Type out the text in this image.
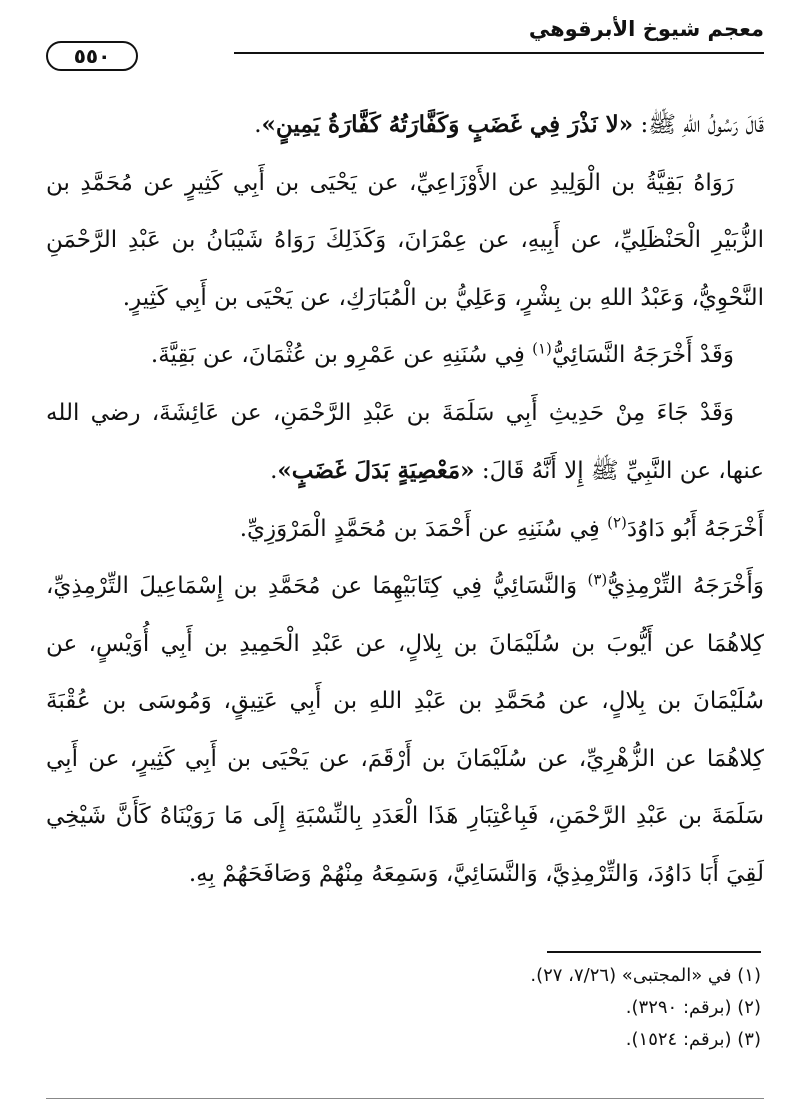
معجم شيوخ الأبرقوهي
٥٥٠

قَالَ رَسُولُ اللهِ ﷺ: «لا نَذْرَ فِي غَضَبٍ وَكَفَّارَتُهُ كَفَّارَةُ يَمِينٍ».

رَوَاهُ بَقِيَّةُ بن الْوَلِيدِ عن الأَوْزَاعِيِّ، عن يَحْيَى بن أَبِي كَثِيرٍ عن مُحَمَّدِ بن الزُّبَيْرِ الْحَنْظَلِيِّ، عن أَبِيهِ، عن عِمْرَانَ، وَكَذَلِكَ رَوَاهُ شَيْبَانُ بن عَبْدِ الرَّحْمَنِ النَّحْوِيُّ، وَعَبْدُ اللهِ بن بِشْرٍ، وَعَلِيُّ بن الْمُبَارَكِ، عن يَحْيَى بن أَبِي كَثِيرٍ.

وَقَدْ أَخْرَجَهُ النَّسَائِيُّ$^{(١)}$ فِي سُنَنِهِ عن عَمْرِو بن عُثْمَانَ، عن بَقِيَّةَ.

وَقَدْ جَاءَ مِنْ حَدِيثِ أَبِي سَلَمَةَ بن عَبْدِ الرَّحْمَنِ، عن عَائِشَةَ، رضي الله عنها، عن النَّبِيِّ ﷺ إِلا أَنَّهُ قَالَ: «مَعْصِيَةٍ بَدَلَ غَضَبٍ».

أَخْرَجَهُ أَبُو دَاوُدَ$^{(٢)}$ فِي سُنَنِهِ عن أَحْمَدَ بن مُحَمَّدٍ الْمَرْوَزِيِّ.

وَأَخْرَجَهُ التِّرْمِذِيُّ$^{(٣)}$ وَالنَّسَائِيُّ فِي كِتَابَيْهِمَا عن مُحَمَّدِ بن إِسْمَاعِيلَ التِّرْمِذِيِّ، كِلاهُمَا عن أَيُّوبَ بن سُلَيْمَانَ بن بِلالٍ، عن عَبْدِ الْحَمِيدِ بن أَبِي أُوَيْسٍ، عن سُلَيْمَانَ بن بِلالٍ، عن مُحَمَّدِ بن عَبْدِ اللهِ بن أَبِي عَتِيقٍ، وَمُوسَى بن عُقْبَةَ كِلاهُمَا عن الزُّهْرِيِّ، عن سُلَيْمَانَ بن أَرْقَمَ، عن يَحْيَى بن أَبِي كَثِيرٍ، عن أَبِي سَلَمَةَ بن عَبْدِ الرَّحْمَنِ، فَبِاعْتِبَارِ هَذَا الْعَدَدِ بِالنِّسْبَةِ إِلَى مَا رَوَيْنَاهُ كَأَنَّ شَيْخِي لَقِيَ أَبَا دَاوُدَ، وَالتِّرْمِذِيَّ، وَالنَّسَائِيَّ، وَسَمِعَهُ مِنْهُمْ وَصَافَحَهُمْ بِهِ.

(١) في «المجتبى» (٧/٢٦، ٢٧).

(٢) (برقم: ٣٢٩٠).

(٣) (برقم: ١٥٢٤).
